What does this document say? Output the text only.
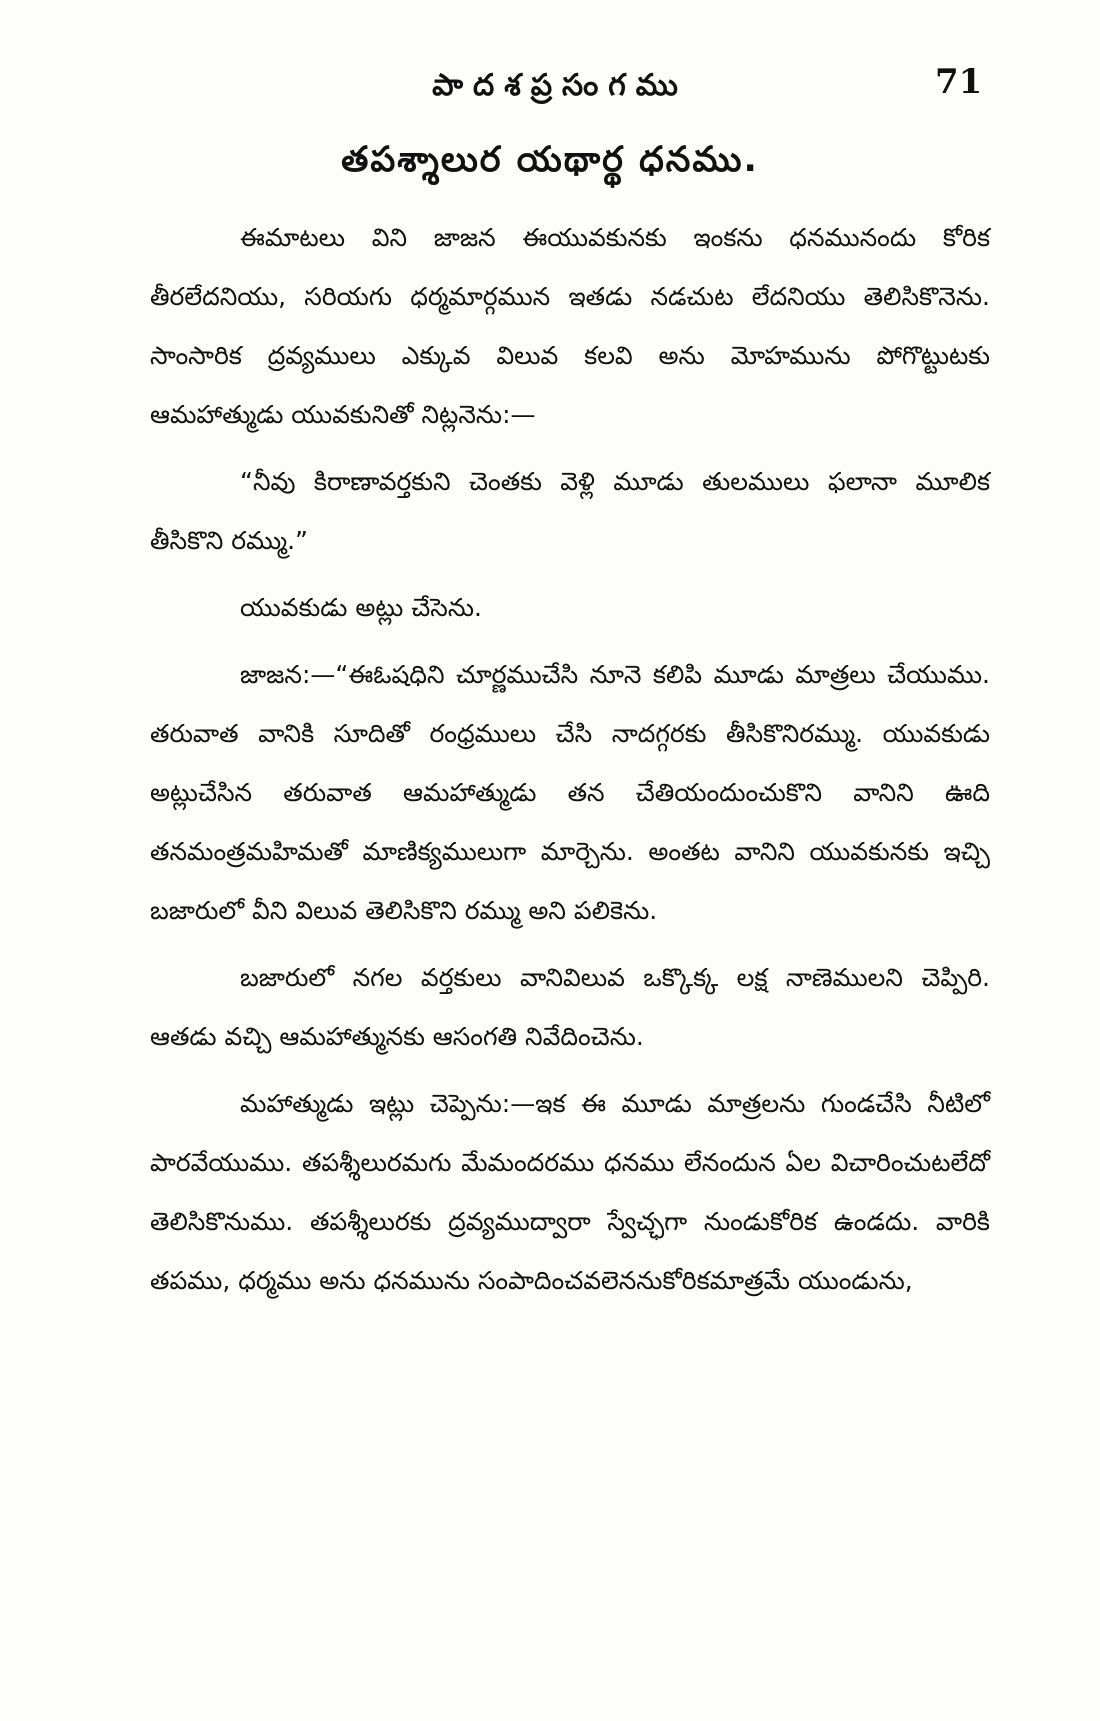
పాదశప్రసంగము	71
తపశ్శాలుర యథార్థ ధనము.

ఈమాటలు విని జాజన ఈయువకునకు ఇంకను ధనమునందు కోరిక తీరలేదనియు, సరియగు ధర్మమార్గమున ఇతడు నడచుట లేదనియు తెలిసికొనెను. సాంసారిక ద్రవ్యములు ఎక్కువ విలువ కలవి అను మోహమును పోగొట్టుటకు ఆమహాత్ముడు యువకునితో నిట్లనెను:—

“నీవు కిరాణావర్తకుని చెంతకు వెళ్లి మూడు తులములు ఫలానా మూలిక తీసికొని రమ్ము.”

యువకుడు అట్లు చేసెను.

జాజన:—“ఈఓషధిని చూర్ణముచేసి నూనె కలిపి మూడు మాత్రలు చేయుము. తరువాత వానికి సూదితో రంధ్రములు చేసి నాదగ్గరకు తీసికొనిరమ్ము. యువకుడు అట్లుచేసిన తరువాత ఆమహాత్ముడు తన చేతియందుంచుకొని వానిని ఊది తనమంత్రమహిమతో మాణిక్యములుగా మార్చెను. అంతట వానిని యువకునకు ఇచ్చి బజారులో వీని విలువ తెలిసికొని రమ్ము అని పలికెను.

బజారులో నగల వర్తకులు వానివిలువ ఒక్కొక్క లక్ష నాణెములని చెప్పిరి. ఆతడు వచ్చి ఆమహాత్మునకు ఆసంగతి నివేదించెను.

మహాత్ముడు ఇట్లు చెప్పెను:—ఇక ఈ మూడు మాత్రలను గుండచేసి నీటిలో పారవేయుము. తపశ్శీలురమగు మేమందరము ధనము లేనందున ఏల విచారించుటలేదో తెలిసికొనుము. తపశ్శీలురకు ద్రవ్యముద్వారా స్వేచ్ఛగా నుండుకోరిక ఉండదు. వారికి తపము, ధర్మము అను ధనమును సంపాదించవలెననుకోరికమాత్రమే యుండును,
